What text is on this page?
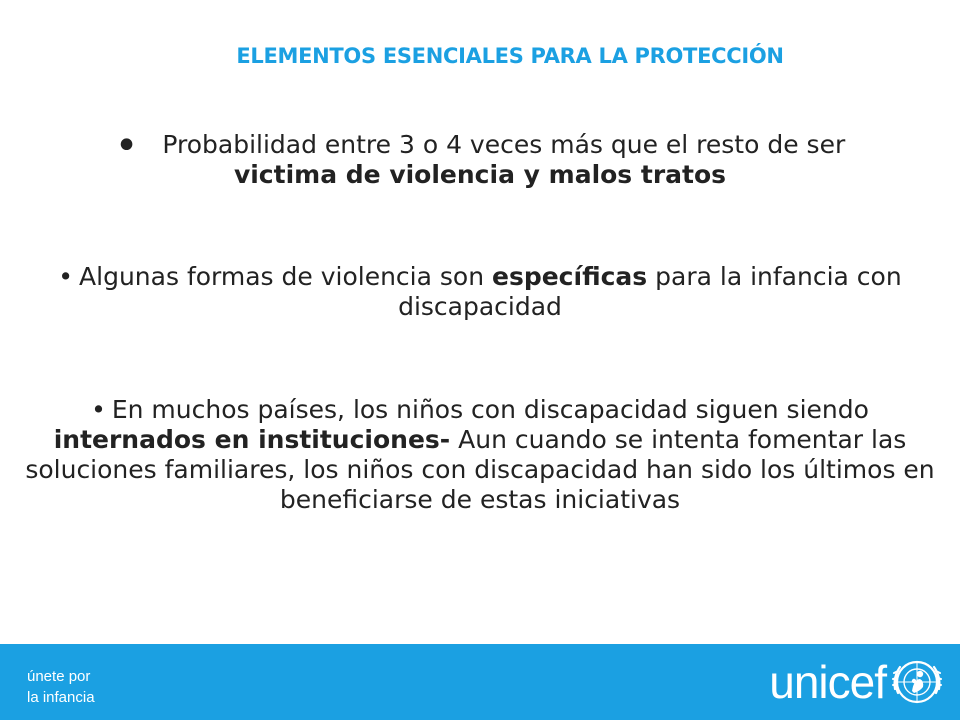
ELEMENTOS ESENCIALES PARA LA PROTECCIÓN
• Probabilidad entre 3 o 4 veces más que el resto de ser
victima de violencia y malos tratos
• Algunas formas de violencia son específicas para la infancia con discapacidad
• En muchos países, los niños con discapacidad siguen siendo internados en instituciones- Aun cuando se intenta fomentar las soluciones familiares, los niños con discapacidad han sido los últimos en beneficiarse de estas iniciativas
únete por
la infancia	unicef
